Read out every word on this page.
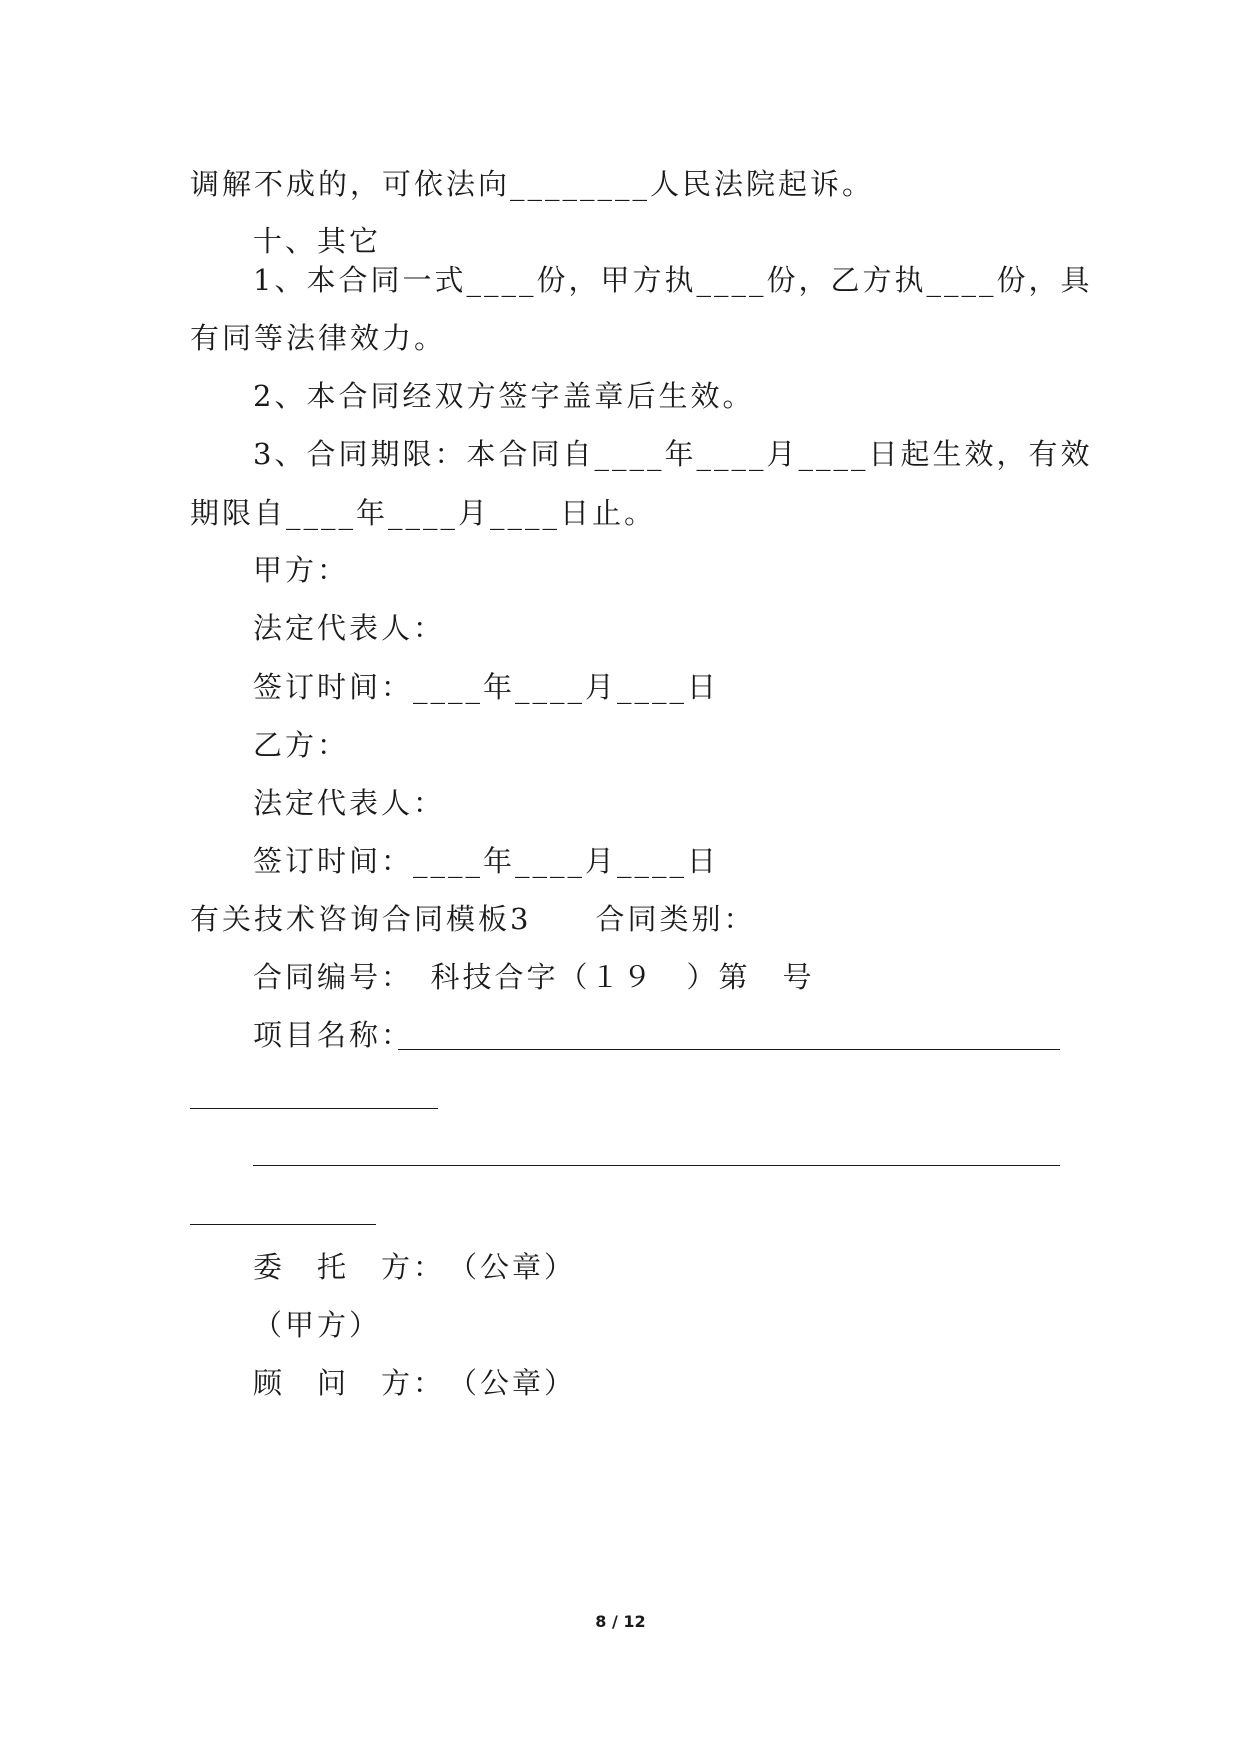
调解不成的，可依法向________人民法院起诉。
十、其它
1、本合同一式____份，甲方执____份，乙方执____份，具
有同等法律效力。
2、本合同经双方签字盖章后生效。
3、合同期限：本合同自____年____月____日起生效，有效
期限自____年____月____日止。
甲方：
法定代表人：
签订时间：____年____月____日
乙方：
法定代表人：
签订时间：____年____月____日
有关技术咨询合同模板3　　合同类别：
合同编号：　科技合字（１９　）第　号
项目名称：
委　托　方：　（公章）
（甲方）
顾　问　方：　（公章）
8 / 12
